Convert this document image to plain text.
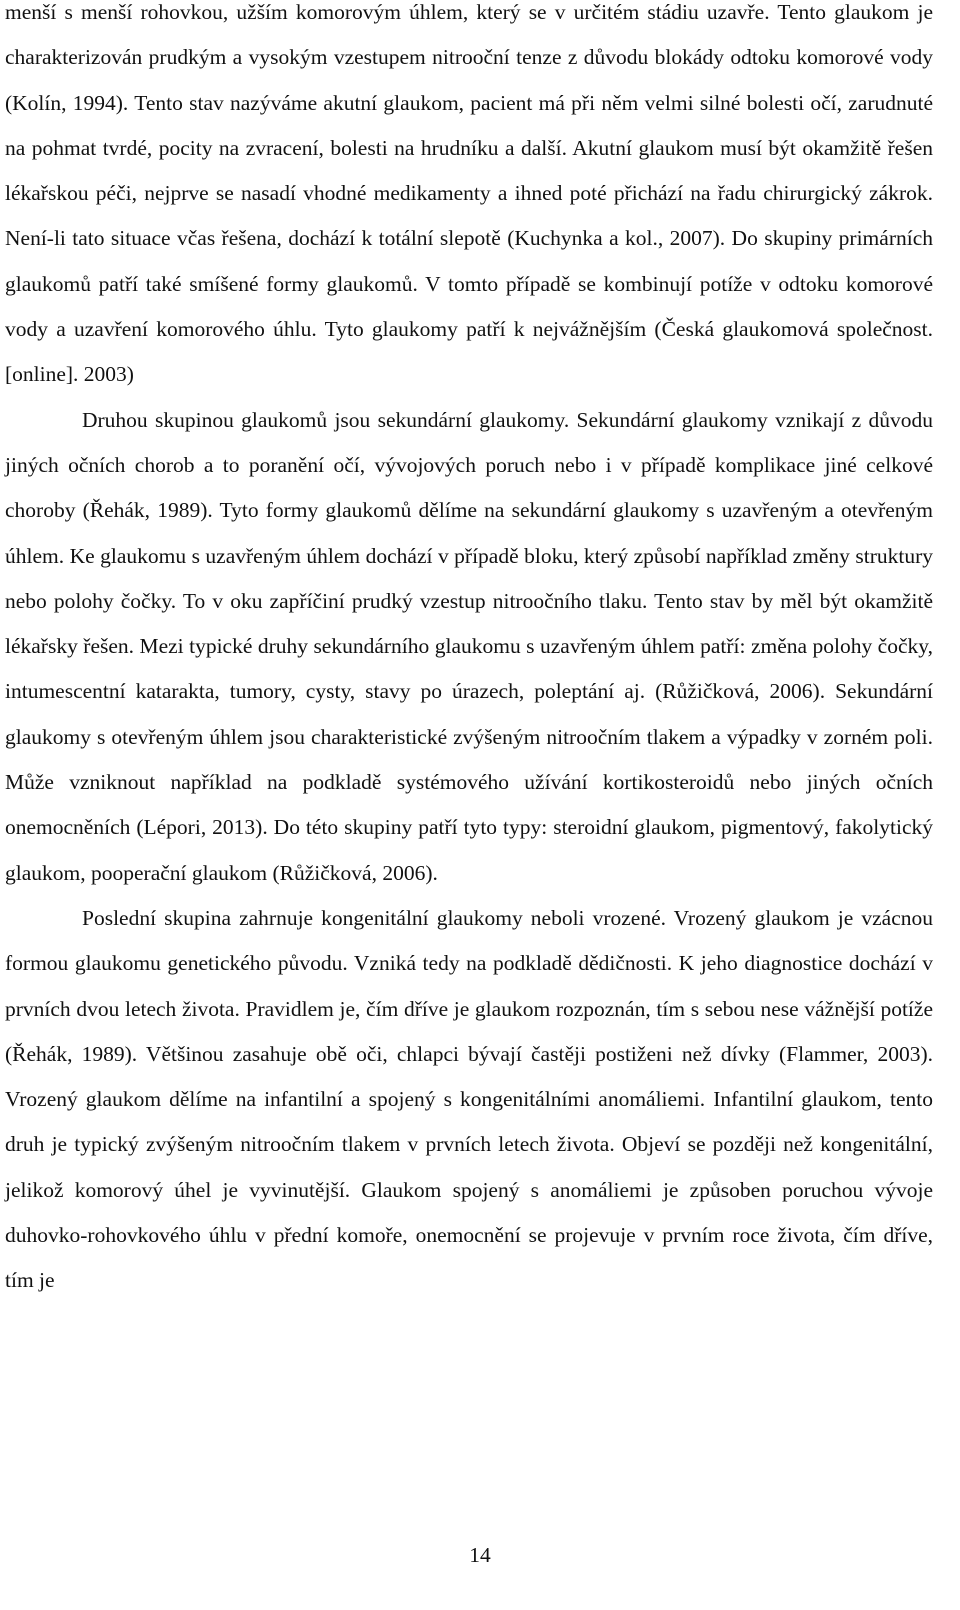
menší s menší rohovkou, užším komorovým úhlem, který se v určitém stádiu uzavře. Tento glaukom je charakterizován prudkým a vysokým vzestupem nitrooční tenze z důvodu blokády odtoku komorové vody (Kolín, 1994). Tento stav nazýváme akutní glaukom, pacient má při něm velmi silné bolesti očí, zarudnuté na pohmat tvrdé, pocity na zvracení, bolesti na hrudníku a další. Akutní glaukom musí být okamžitě řešen lékařskou péči, nejprve se nasadí vhodné medikamenty a ihned poté přichází na řadu chirurgický zákrok. Není-li tato situace včas řešena, dochází k totální slepotě (Kuchynka a kol., 2007). Do skupiny primárních glaukomů patří také smíšené formy glaukomů. V tomto případě se kombinují potíže v odtoku komorové vody a uzavření komorového úhlu. Tyto glaukomy patří k nejvážnějším (Česká glaukomová společnost. [online]. 2003)

Druhou skupinou glaukomů jsou sekundární glaukomy. Sekundární glaukomy vznikají z důvodu jiných očních chorob a to poranění očí, vývojových poruch nebo i v případě komplikace jiné celkové choroby (Řehák, 1989). Tyto formy glaukomů dělíme na sekundární glaukomy s uzavřeným a otevřeným úhlem. Ke glaukomu s uzavřeným úhlem dochází v případě bloku, který způsobí například změny struktury nebo polohy čočky. To v oku zapříčiní prudký vzestup nitroočního tlaku. Tento stav by měl být okamžitě lékařsky řešen. Mezi typické druhy sekundárního glaukomu s uzavřeným úhlem patří: změna polohy čočky, intumescentní katarakta, tumory, cysty, stavy po úrazech, poleptání aj. (Růžičková, 2006). Sekundární glaukomy s otevřeným úhlem jsou charakteristické zvýšeným nitroočním tlakem a výpadky v zorném poli. Může vzniknout například na podkladě systémového užívání kortikosteroidů nebo jiných očních onemocněních (Lépori, 2013). Do této skupiny patří tyto typy: steroidní glaukom, pigmentový, fakolytický glaukom, pooperační glaukom (Růžičková, 2006).

Poslední skupina zahrnuje kongenitální glaukomy neboli vrozené. Vrozený glaukom je vzácnou formou glaukomu genetického původu. Vzniká tedy na podkladě dědičnosti. K jeho diagnostice dochází v prvních dvou letech života. Pravidlem je, čím dříve je glaukom rozpoznán, tím s sebou nese vážnější potíže (Řehák, 1989). Většinou zasahuje obě oči, chlapci bývají častěji postiženi než dívky (Flammer, 2003). Vrozený glaukom dělíme na infantilní a spojený s kongenitálními anomáliemi. Infantilní glaukom, tento druh je typický zvýšeným nitroočním tlakem v prvních letech života. Objeví se později než kongenitální, jelikož komorový úhel je vyvinutější. Glaukom spojený s anomáliemi je způsoben poruchou vývoje duhovko-rohovkového úhlu v přední komoře, onemocnění se projevuje v prvním roce života, čím dříve, tím je

14
